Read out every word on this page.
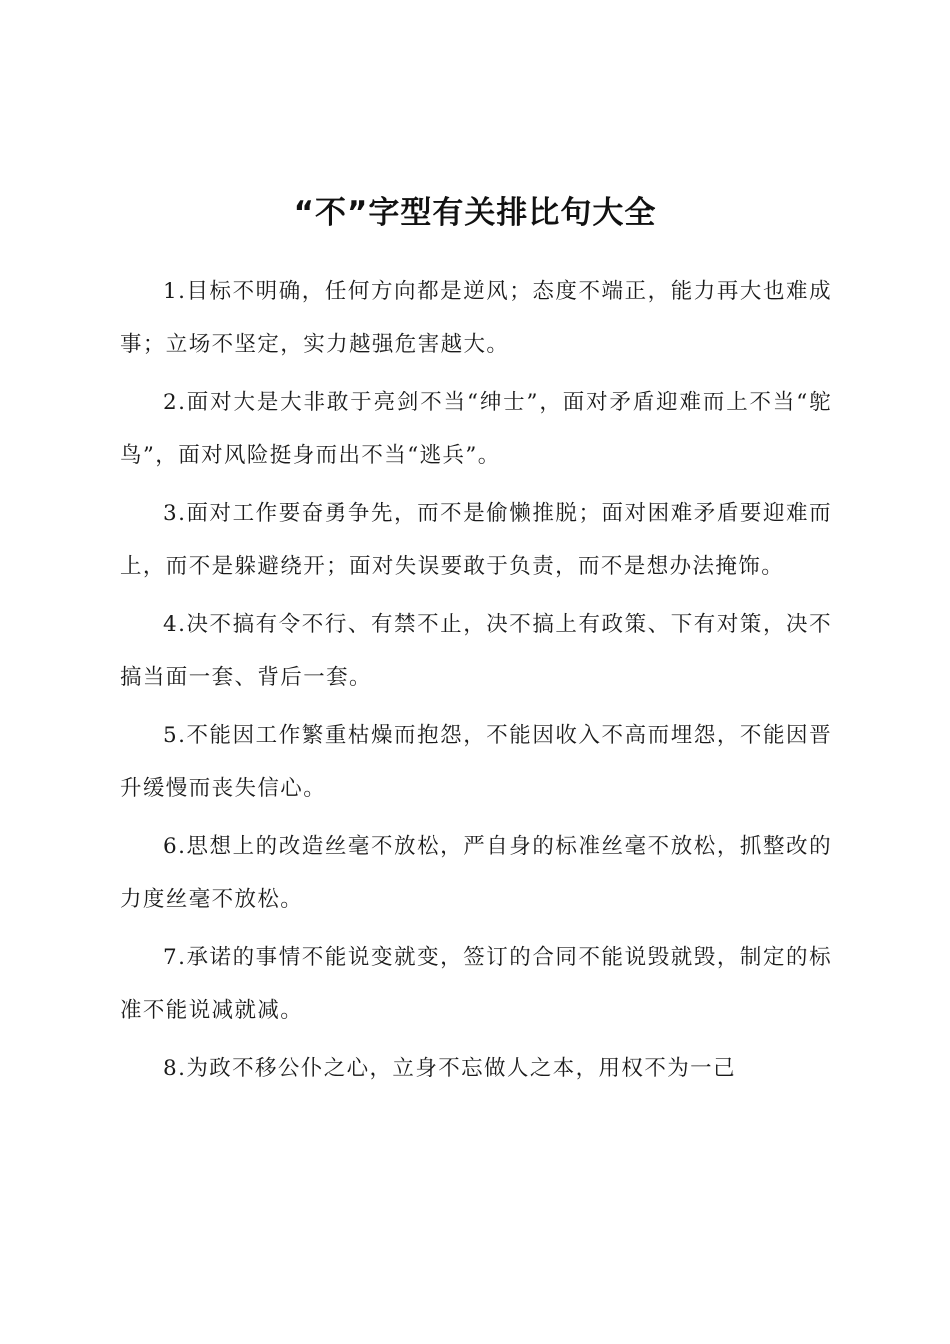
“不”字型有关排比句大全

1.目标不明确，任何方向都是逆风；态度不端正，能力再大也难成事；立场不坚定，实力越强危害越大。

2.面对大是大非敢于亮剑不当“绅士”，面对矛盾迎难而上不当“鸵鸟”，面对风险挺身而出不当“逃兵”。

3.面对工作要奋勇争先，而不是偷懒推脱；面对困难矛盾要迎难而上，而不是躲避绕开；面对失误要敢于负责，而不是想办法掩饰。

4.决不搞有令不行、有禁不止，决不搞上有政策、下有对策，决不搞当面一套、背后一套。

5.不能因工作繁重枯燥而抱怨，不能因收入不高而埋怨，不能因晋升缓慢而丧失信心。

6.思想上的改造丝毫不放松，严自身的标准丝毫不放松，抓整改的力度丝毫不放松。

7.承诺的事情不能说变就变，签订的合同不能说毁就毁，制定的标准不能说减就减。

8.为政不移公仆之心，立身不忘做人之本，用权不为一己
